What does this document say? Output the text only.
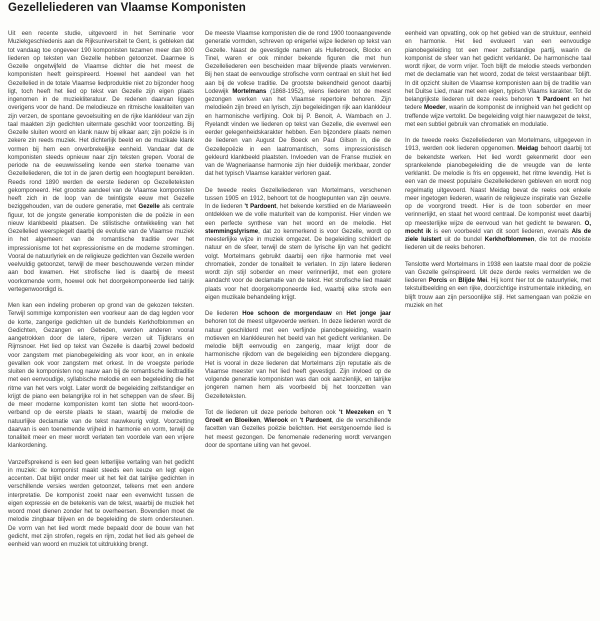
Gezelleliederen van Vlaamse Komponisten

Uit een recente studie, uitgevoerd in het Seminarie voor Muziekgeschiedenis aan de Rijksuniversiteit te Gent, is gebleken dat tot vandaag toe ongeveer 190 komponisten tezamen meer dan 800 liederen op teksten van Gezelle hebben getoonzet. Daarmee is Gezelle ongetwijfeld de Vlaamse dichter die het meest de komponisten heeft geinspireerd. Hoewel het aandeel van het Gezellelied in de totale Vlaamse liedproduktie niet zo bijzonder hoog ligt, toch heeft het lied op tekst van Gezelle zijn eigen plaats ingenomen in de muziekliteratuur. De redenen daarvan liggen overigens voor de hand. De melodieuze en ritmische kwaliteiten van zijn verzen, de spontane gevoelsuiting en de rijke klankkleur van zijn taal maakten zijn gedichten uitermate geschikt voor toonzetting. Bij Gezelle sluiten woord en klank nauw bij elkaar aan; zijn poëzie is in zekere zin reeds muziek. Het dichterlijk beeld en de muzikale klank vormen bij hem een onverbrekelijke eenheid. Vandaar dat de komponisten steeds opnieuw naar zijn teksten grepen. Vooral de periode na de eeuwwisseling kende een sterke toename van Gezelleliederen, die tot in de jaren dertig een hoogtepunt bereikten. Reeds rond 1890 werden de eerste liederen op Gezelleteksten gekomponeerd. Het grootste aandeel van de Vlaamse komponisten heeft zich in de loop van de twintigste eeuw met Gezelle beziggehouden, van de oudere generatie, met Gezelle als centrale figuur, tot de jongste generatie komponisten die de poëzie in een nieuw klankbeeld plaatsen. De stilistische ontwikkeling van het Gezellelied weerspiegelt daarbij de evolutie van de Vlaamse muziek in het algemeen: van de romantische traditie over het impressionisme tot het expressionisme en de moderne stromingen. Vooral de natuurlyriek en de religieuze gedichten van Gezelle werden veelvuldig getoonzet, terwijl de meer beschouwende verzen minder aan bod kwamen. Het strofische lied is daarbij de meest voorkomende vorm, hoewel ook het doorgekomponeerde lied talrijk vertegenwoordigd is.

Men kan een indeling proberen op grond van de gekozen teksten. Terwijl sommige komponisten een voorkeur aan de dag legden voor de korte, zangerige gedichten uit de bundels Kerkhofblommen en Gedichten, Gezangen en Gebeden, werden anderen vooral aangetrokken door de latere, rijpere verzen uit Tijdkrans en Rijmsnoer. Het lied op tekst van Gezelle is daarbij zowel bedoeld voor zangstem met pianobegeleiding als voor koor, en in enkele gevallen ook voor zangstem met orkest. In de vroegste periode sluiten de komponisten nog nauw aan bij de romantische liedtraditie met een eenvoudige, syllabische melodie en een begeleiding die het ritme van het vers volgt. Later wordt de begeleiding zelfstandiger en krijgt de piano een belangrijke rol in het scheppen van de sfeer. Bij de meer moderne komponisten komt ten slotte het woord-toon-verband op de eerste plaats te staan, waarbij de melodie de natuurlijke declamatie van de tekst nauwkeurig volgt. Voorzetting daarvan is een toenemende vrijheid in harmonie en vorm, terwijl de tonaliteit meer en meer wordt verlaten ten voordele van een vrijere klankordening.

Vanzelfsprekend is een lied geen letterlijke vertaling van het gedicht in muziek: de komponist maakt steeds een keuze en legt eigen accenten. Dat blijkt onder meer uit het feit dat talrijke gedichten in verschillende versies werden getoonzet, telkens met een andere interpretatie. De komponist zoekt naar een evenwicht tussen de eigen expressie en de betekenis van de tekst, waarbij de muziek het woord moet dienen zonder het te overheersen. Bovendien moet de melodie zingbaar blijven en de begeleiding de stem ondersteunen. De vorm van het lied wordt mede bepaald door de bouw van het gedicht, met zijn strofen, regels en rijm, zodat het lied als geheel de eenheid van woord en muziek tot uitdrukking brengt.

De meeste Vlaamse komponisten die de rond 1900 toonaangevende generatie vormden, schreven op enigerlei wijze liederen op tekst van Gezelle. Naast de gevestigde namen als Hullebroeck, Blockx en Tinel, waren er ook minder bekende figuren die met hun Gezelleliederen een bescheiden maar blijvende plaats verwierven. Bij hen staat de eenvoudige strofische vorm centraal en sluit het lied aan bij de volkse traditie. De grootste bekendheid genoot daarbij Lodewijk Mortelmans (1868-1952), wiens liederen tot de meest gezongen werken van het Vlaamse repertoire behoren. Zijn melodieën zijn breed en lyrisch, zijn begeleidingen rijk aan klankkleur en harmonische verfijning. Ook bij P. Benoit, A. Wambach en J. Ryelandt vinden we liederen op tekst van Gezelle, die evenwel een eerder gelegenheidskarakter hebben. Een bijzondere plaats nemen de liederen van August De Boeck en Paul Gilson in, die de Gezellepoëzie in een laatromantisch, soms impressionistisch gekleurd klankbeeld plaatsten. Invloeden van de Franse muziek en van de Wagneriaanse harmonie zijn hier duidelijk merkbaar, zonder dat het typisch Vlaamse karakter verloren gaat.

De tweede reeks Gezelleliederen van Mortelmans, verschenen tussen 1905 en 1912, behoort tot de hoogtepunten van zijn oeuvre. In de liederen 't Pardoent, het bekende kerstlied en de Mariaweeën ontdekken we de volle maturiteit van de komponist. Hier vinden we een perfecte synthese van het woord en de melodie. Het stemmingslyrisme, dat zo kenmerkend is voor Gezelle, wordt op meesterlijke wijze in muziek omgezet. De begeleiding schildert de natuur en de sfeer, terwijl de stem de lyrische lijn van het gedicht volgt. Mortelmans gebruikt daarbij een rijke harmonie met veel chromatiek, zonder de tonaliteit te verlaten. In zijn latere liederen wordt zijn stijl soberder en meer verinnerlijkt, met een grotere aandacht voor de declamatie van de tekst. Het strofische lied maakt plaats voor het doorgekomponeerde lied, waarbij elke strofe een eigen muzikale behandeling krijgt.

De liederen Hoe schoon de morgendauw en Het jonge jaar behoren tot de meest uitgevoerde werken. In deze liederen wordt de natuur geschilderd met een verfijnde pianobegeleiding, waarin motieven en klankkleuren het beeld van het gedicht verklanken. De melodie blijft eenvoudig en zangerig, maar krijgt door de harmonische rijkdom van de begeleiding een bijzondere diepgang. Het is vooral in deze liederen dat Mortelmans zijn reputatie als de Vlaamse meester van het lied heeft gevestigd. Zijn invloed op de volgende generatie komponisten was dan ook aanzienlijk, en talrijke jongeren namen hem als voorbeeld bij het toonzetten van Gezelleteksten.

Tot de liederen uit deze periode behoren ook 't Meezeken en 't Groeit en Bloeiken, Wierook en 't Pardoent, die de verschillende facetten van Gezelles poëzie belichten. Het eerstgenoemde lied is het meest gezongen. De fenomenale redenering wordt vervangen door de spontane uiting van het gevoel.

eenheid van opvatting, ook op het gebied van de struktuur, eenheid en harmonie. Het lied evolueert van een eenvoudige pianobegeleiding tot een meer zelfstandige partij, waarin de komponist de sfeer van het gedicht verklankt. De harmonische taal wordt rijker, de vorm vrijer. Toch blijft de melodie steeds verbonden met de declamatie van het woord, zodat de tekst verstaanbaar blijft. In dit opzicht sluiten de Vlaamse komponisten aan bij de traditie van het Duitse Lied, maar met een eigen, typisch Vlaams karakter. Tot de belangrijkste liederen uit deze reeks behoren 't Pardoent en het tedere Moeder, waarin de komponist de innigheid van het gedicht op treffende wijze vertolkt. De begeleiding volgt hier nauwgezet de tekst, met een subtiel gebruik van chromatiek en modulatie.

In de tweede reeks Gezelleliederen van Mortelmans, uitgegeven in 1913, werden ook liederen opgenomen. Meidag behoort daarbij tot de bekendste werken. Het lied wordt gekenmerkt door een sprankelende pianobegeleiding die de vreugde van de lente verklankt. De melodie is fris en opgewekt, het ritme levendig. Het is een van de meest populaire Gezelleliederen gebleven en wordt nog regelmatig uitgevoerd. Naast Meidag bevat de reeks ook enkele meer ingetogen liederen, waarin de religieuze inspiratie van Gezelle op de voorgrond treedt. Hier is de toon soberder en meer verinnerlijkt, en staat het woord centraal. De komponist weet daarbij op meesterlijke wijze de eenvoud van het gedicht te bewaren. O, mocht ik is een voorbeeld van dit soort liederen, evenals Als de ziele luistert uit de bundel Kerkhofblommen, die tot de mooiste liederen uit de reeks behoren.

Tenslotte werd Mortelmans in 1938 een laatste maal door de poëzie van Gezelle geïnspireerd. Uit deze derde reeks vermelden we de liederen Porcis en Blijde Mei. Hij komt hier tot de natuurlyriek, met tekstuitbeelding en een rijke, doorzichtige instrumentale inkleding, en blijft trouw aan zijn persoonlijke stijl. Het samengaan van poëzie en muziek en het
